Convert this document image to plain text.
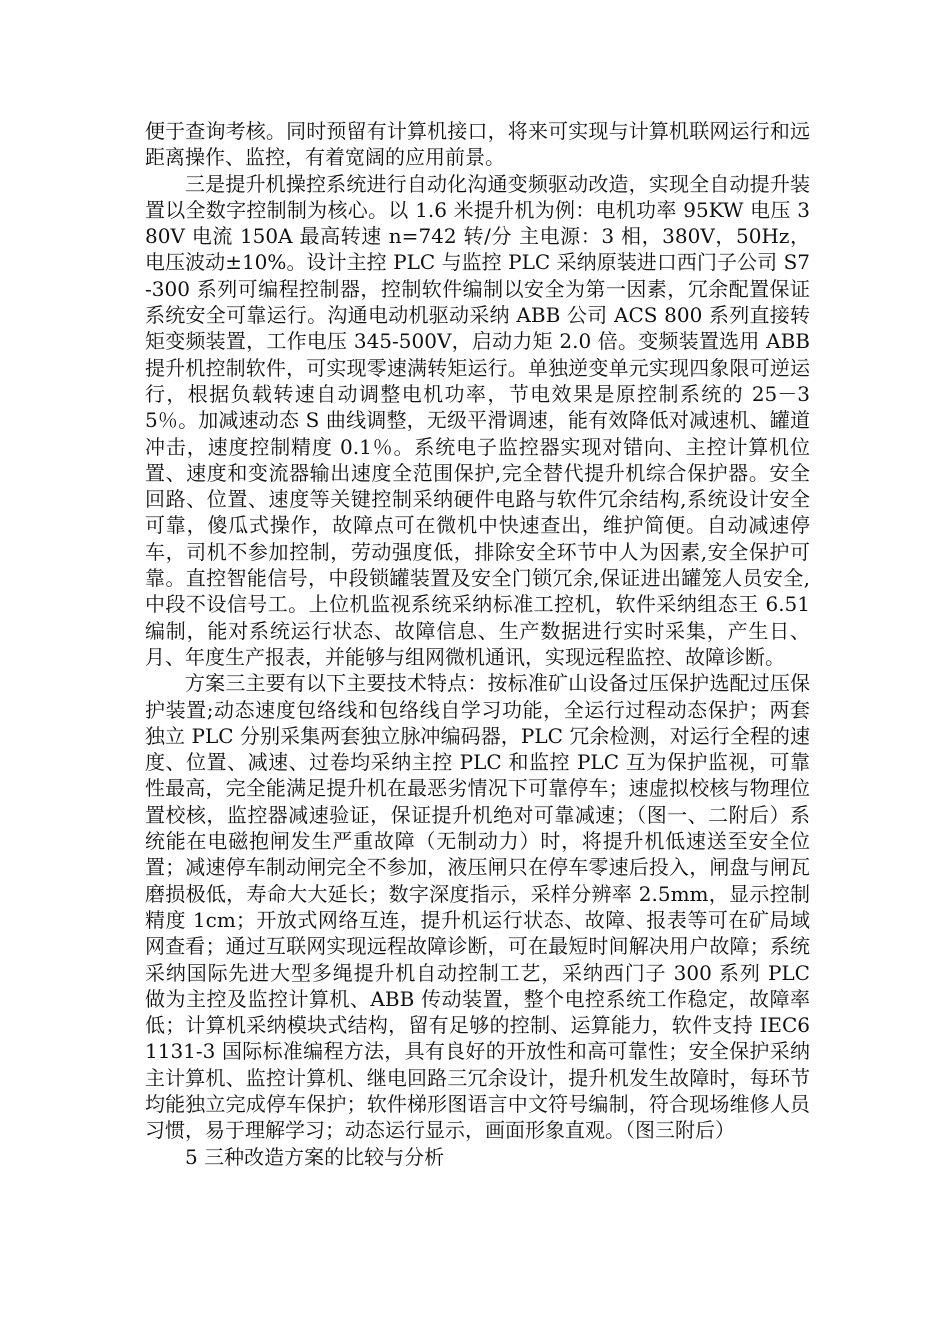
便于查询考核。同时预留有计算机接口，将来可实现与计算机联网运行和远距离操作、监控，有着宽阔的应用前景。

三是提升机操控系统进行自动化沟通变频驱动改造，实现全自动提升装置以全数字控制制为核心。以 1.6 米提升机为例：电机功率 95KW 电压 380V 电流 150A 最高转速 n=742 转/分 主电源：3 相，380V，50Hz，电压波动±10%。设计主控 PLC 与监控 PLC 采纳原装进口西门子公司 S7-300 系列可编程控制器，控制软件编制以安全为第一因素，冗余配置保证系统安全可靠运行。沟通电动机驱动采纳 ABB 公司 ACS 800 系列直接转矩变频装置，工作电压 345-500V，启动力矩 2.0 倍。变频装置选用 ABB 提升机控制软件，可实现零速满转矩运行。单独逆变单元实现四象限可逆运行，根据负载转速自动调整电机功率，节电效果是原控制系统的 25－35％。加减速动态 S 曲线调整，无级平滑调速，能有效降低对减速机、罐道冲击，速度控制精度 0.1％。系统电子监控器实现对错向、主控计算机位置、速度和变流器输出速度全范围保护,完全替代提升机综合保护器。安全回路、位置、速度等关键控制采纳硬件电路与软件冗余结构,系统设计安全可靠，傻瓜式操作，故障点可在微机中快速查出，维护简便。自动减速停车，司机不参加控制，劳动强度低，排除安全环节中人为因素,安全保护可靠。直控智能信号，中段锁罐装置及安全门锁冗余,保证进出罐笼人员安全,中段不设信号工。上位机监视系统采纳标准工控机，软件采纳组态王 6.51 编制，能对系统运行状态、故障信息、生产数据进行实时采集，产生日、月、年度生产报表，并能够与组网微机通讯，实现远程监控、故障诊断。

方案三主要有以下主要技术特点：按标准矿山设备过压保护选配过压保护装置;动态速度包络线和包络线自学习功能，全运行过程动态保护；两套独立 PLC 分别采集两套独立脉冲编码器，PLC 冗余检测，对运行全程的速度、位置、减速、过卷均采纳主控 PLC 和监控 PLC 互为保护监视，可靠性最高，完全能满足提升机在最恶劣情况下可靠停车；速虚拟校核与物理位置校核，监控器减速验证，保证提升机绝对可靠减速；（图一、二附后）系统能在电磁抱闸发生严重故障（无制动力）时，将提升机低速送至安全位置；减速停车制动闸完全不参加，液压闸只在停车零速后投入，闸盘与闸瓦磨损极低，寿命大大延长；数字深度指示，采样分辨率 2.5mm，显示控制精度 1cm；开放式网络互连，提升机运行状态、故障、报表等可在矿局域网查看；通过互联网实现远程故障诊断，可在最短时间解决用户故障；系统采纳国际先进大型多绳提升机自动控制工艺，采纳西门子 300 系列 PLC 做为主控及监控计算机、ABB 传动装置，整个电控系统工作稳定，故障率低；计算机采纳模块式结构，留有足够的控制、运算能力，软件支持 IEC61131-3 国际标准编程方法，具有良好的开放性和高可靠性；安全保护采纳主计算机、监控计算机、继电回路三冗余设计，提升机发生故障时，每环节均能独立完成停车保护；软件梯形图语言中文符号编制，符合现场维修人员习惯，易于理解学习；动态运行显示，画面形象直观。（图三附后）

5 三种改造方案的比较与分析
